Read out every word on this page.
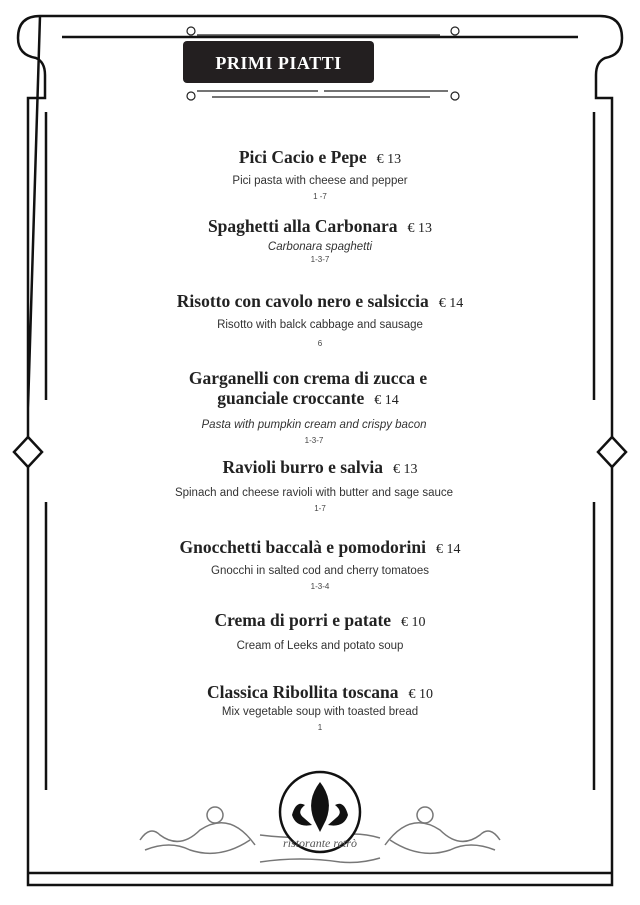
PRIMI PIATTI
Pici Cacio e Pepe € 13
Pici pasta with cheese and pepper
1 -7
Spaghetti alla Carbonara € 13
Carbonara spaghetti
1-3-7
Risotto con cavolo nero e salsiccia € 14
Risotto with balck cabbage and sausage
6
Garganelli con crema di zucca e
guanciale croccante € 14
Pasta with pumpkin cream and crispy bacon
1-3-7
Ravioli burro e salvia € 13
Spinach and cheese ravioli with butter and sage sauce
1-7
Gnocchetti baccalà e pomodorini € 14
Gnocchi in salted cod and cherry tomatoes
1-3-4
Crema di porri e patate € 10
Cream of Leeks and potato soup
Classica Ribollita toscana € 10
Mix vegetable soup with toasted bread
1
ristorante retrò
